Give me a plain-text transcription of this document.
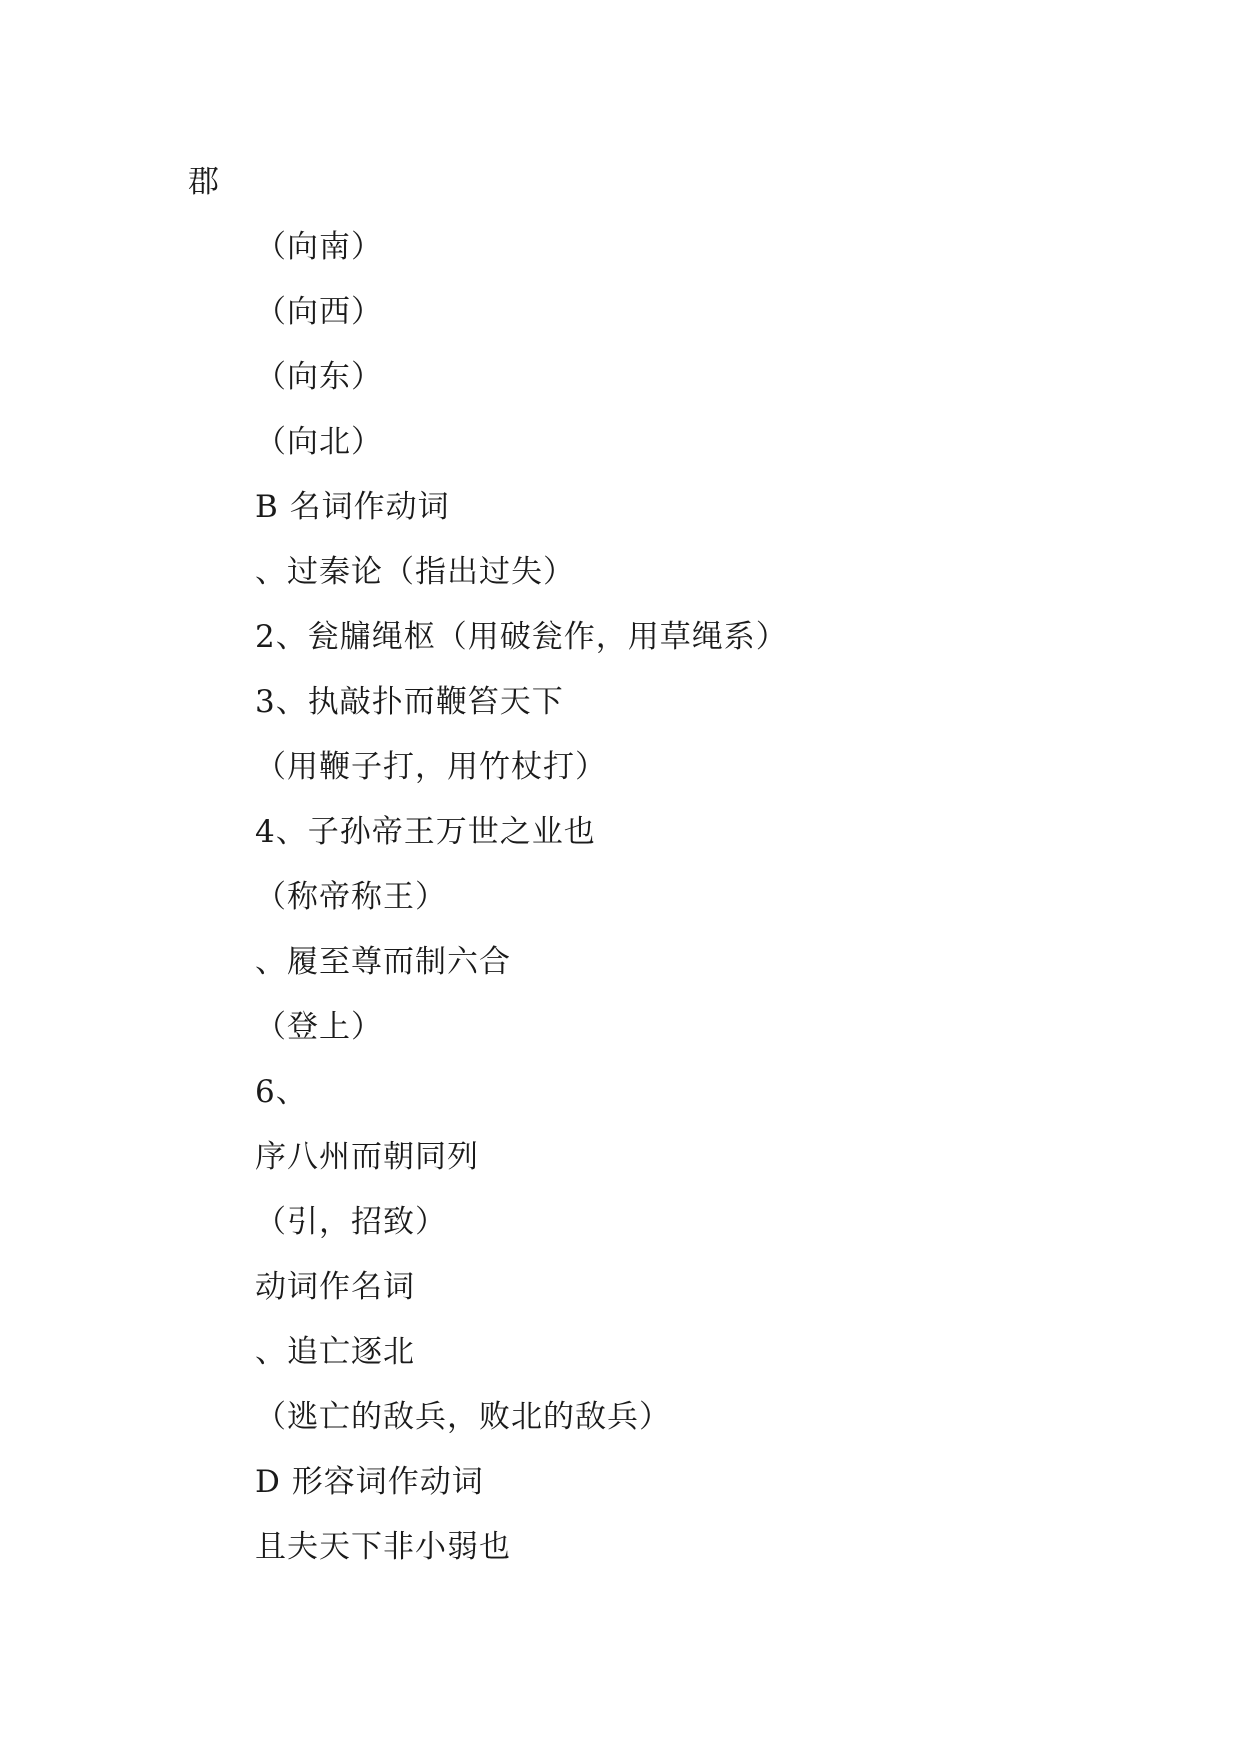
郡
（向南）
（向西）
（向东）
（向北）
B 名词作动词
、过秦论（指出过失）
2、瓮牖绳枢（用破瓮作，用草绳系）
3、执敲扑而鞭笞天下
（用鞭子打，用竹杖打）
4、子孙帝王万世之业也
（称帝称王）
、履至尊而制六合
（登上）
6、
序八州而朝同列
（引，招致）
动词作名词
、追亡逐北
（逃亡的敌兵，败北的敌兵）
D 形容词作动词
且夫天下非小弱也
